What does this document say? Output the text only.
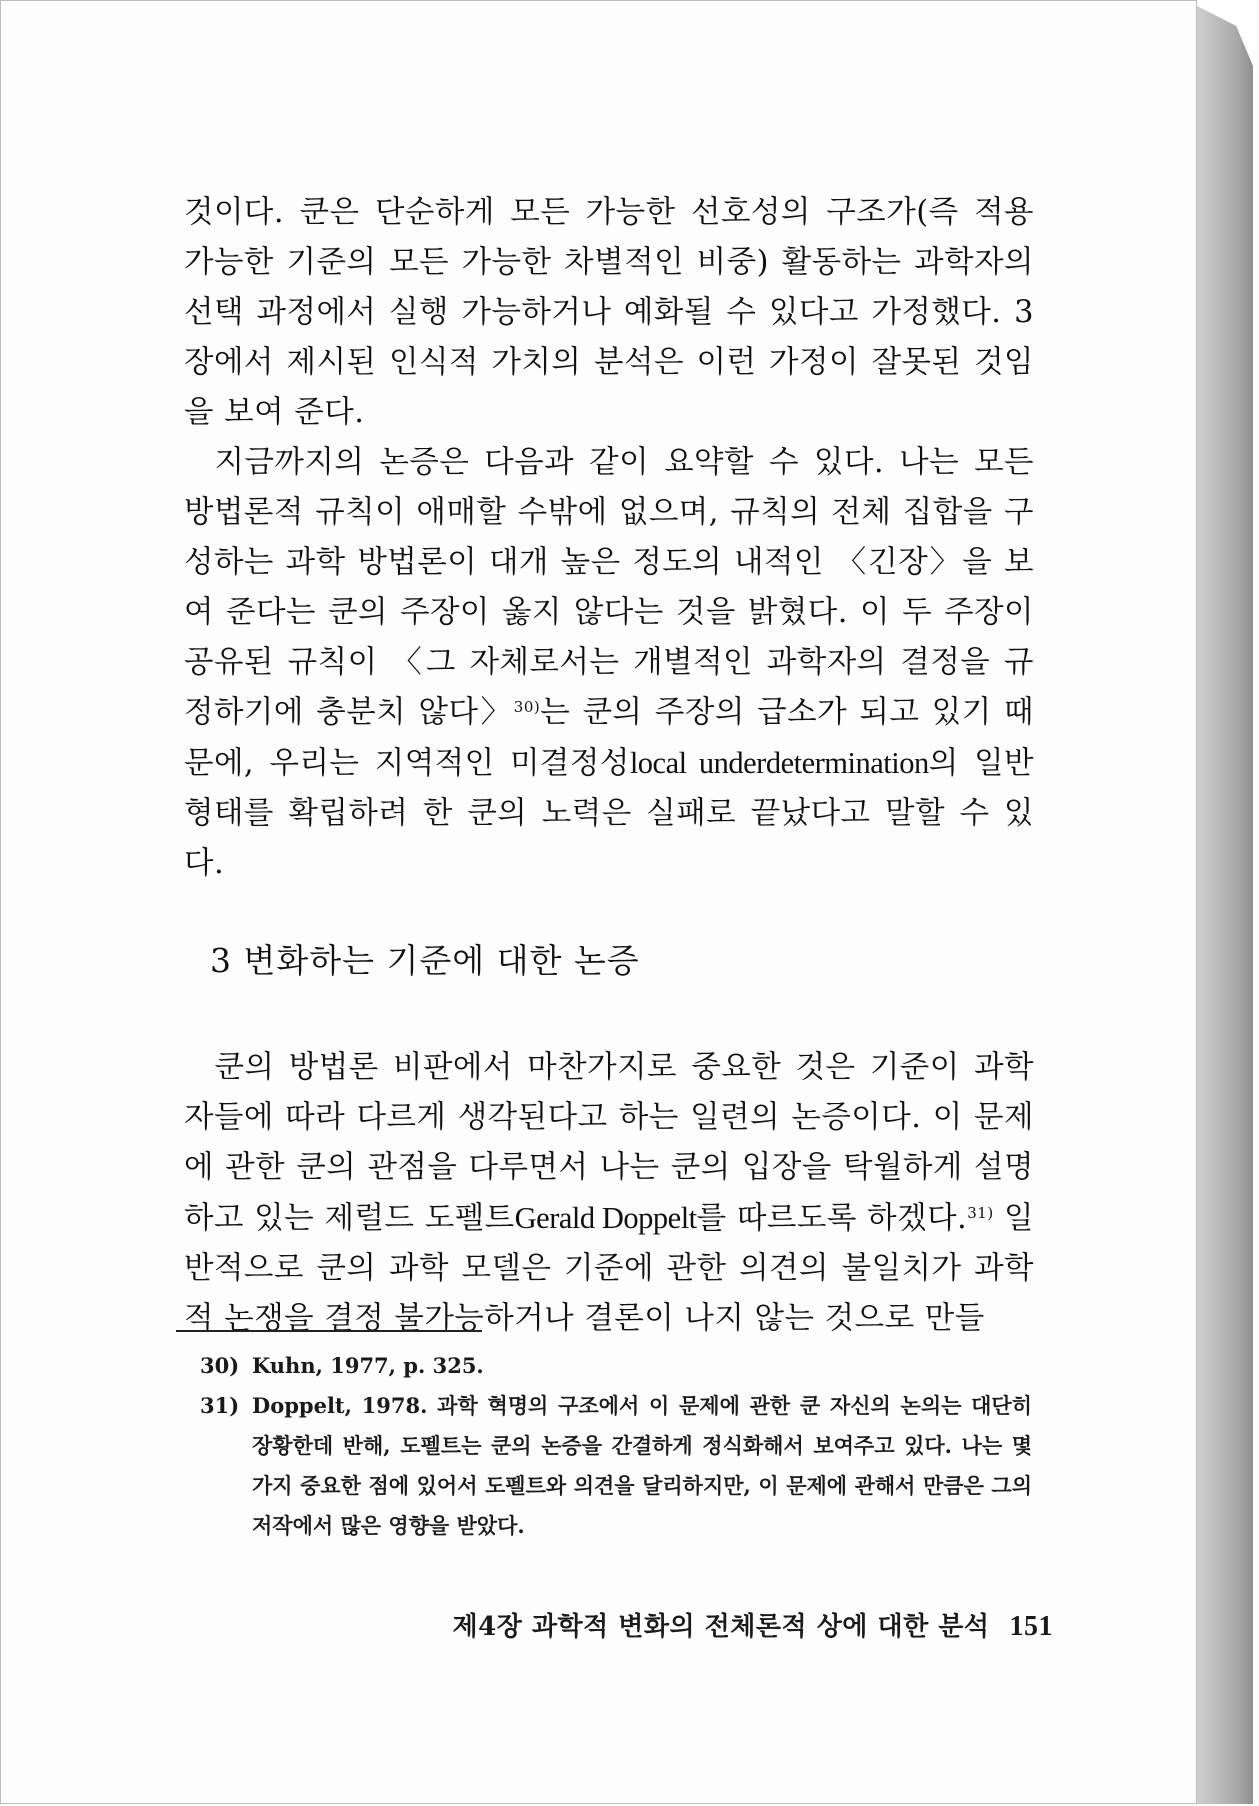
것이다. 쿤은 단순하게 모든 가능한 선호성의 구조가(즉 적용 가능한 기준의 모든 가능한 차별적인 비중) 활동하는 과학자의 선택 과정에서 실행 가능하거나 예화될 수 있다고 가정했다. 3장에서 제시된 인식적 가치의 분석은 이런 가정이 잘못된 것임을 보여 준다.

지금까지의 논증은 다음과 같이 요약할 수 있다. 나는 모든 방법론적 규칙이 애매할 수밖에 없으며, 규칙의 전체 집합을 구성하는 과학 방법론이 대개 높은 정도의 내적인 〈긴장〉을 보여 준다는 쿤의 주장이 옳지 않다는 것을 밝혔다. 이 두 주장이 공유된 규칙이 〈그 자체로서는 개별적인 과학자의 결정을 규정하기에 충분치 않다〉$^{30)}$는 쿤의 주장의 급소가 되고 있기 때문에, 우리는 지역적인 미결정성local underdetermination의 일반 형태를 확립하려 한 쿤의 노력은 실패로 끝났다고 말할 수 있다.

3 변화하는 기준에 대한 논증

쿤의 방법론 비판에서 마찬가지로 중요한 것은 기준이 과학자들에 따라 다르게 생각된다고 하는 일련의 논증이다. 이 문제에 관한 쿤의 관점을 다루면서 나는 쿤의 입장을 탁월하게 설명하고 있는 제럴드 도펠트Gerald Doppelt를 따르도록 하겠다.$^{31)}$ 일반적으로 쿤의 과학 모델은 기준에 관한 의견의 불일치가 과학적 논쟁을 결정 불가능하거나 결론이 나지 않는 것으로 만들

30) Kuhn, 1977, p. 325.
31) Doppelt, 1978. 과학 혁명의 구조에서 이 문제에 관한 쿤 자신의 논의는 대단히 장황한데 반해, 도펠트는 쿤의 논증을 간결하게 정식화해서 보여주고 있다. 나는 몇 가지 중요한 점에 있어서 도펠트와 의견을 달리하지만, 이 문제에 관해서 만큼은 그의 저작에서 많은 영향을 받았다.
제4장 과학적 변화의 전체론적 상에 대한 분석 151
